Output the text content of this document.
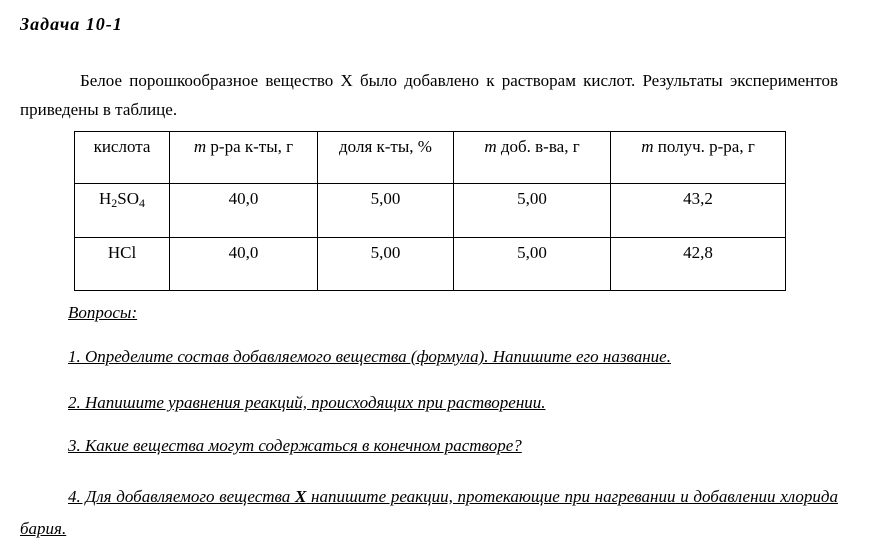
Задача 10-1
Белое порошкообразное вещество X было добавлено к растворам кислот. Результаты экспериментов приведены в таблице.
кислота	m р-ра к-ты, г	доля к-ты, %	m доб. в-ва, г	m получ. р-ра, г
$H_2SO_4$	40,0	5,00	5,00	43,2
HCl	40,0	5,00	5,00	42,8
Вопросы:
1. Определите состав добавляемого вещества (формула). Напишите его название.
2. Напишите уравнения реакций, происходящих при растворении.
3. Какие вещества могут содержаться в конечном растворе?
4. Для добавляемого вещества X напишите реакции, протекающие при нагревании и добавлении хлорида бария.
